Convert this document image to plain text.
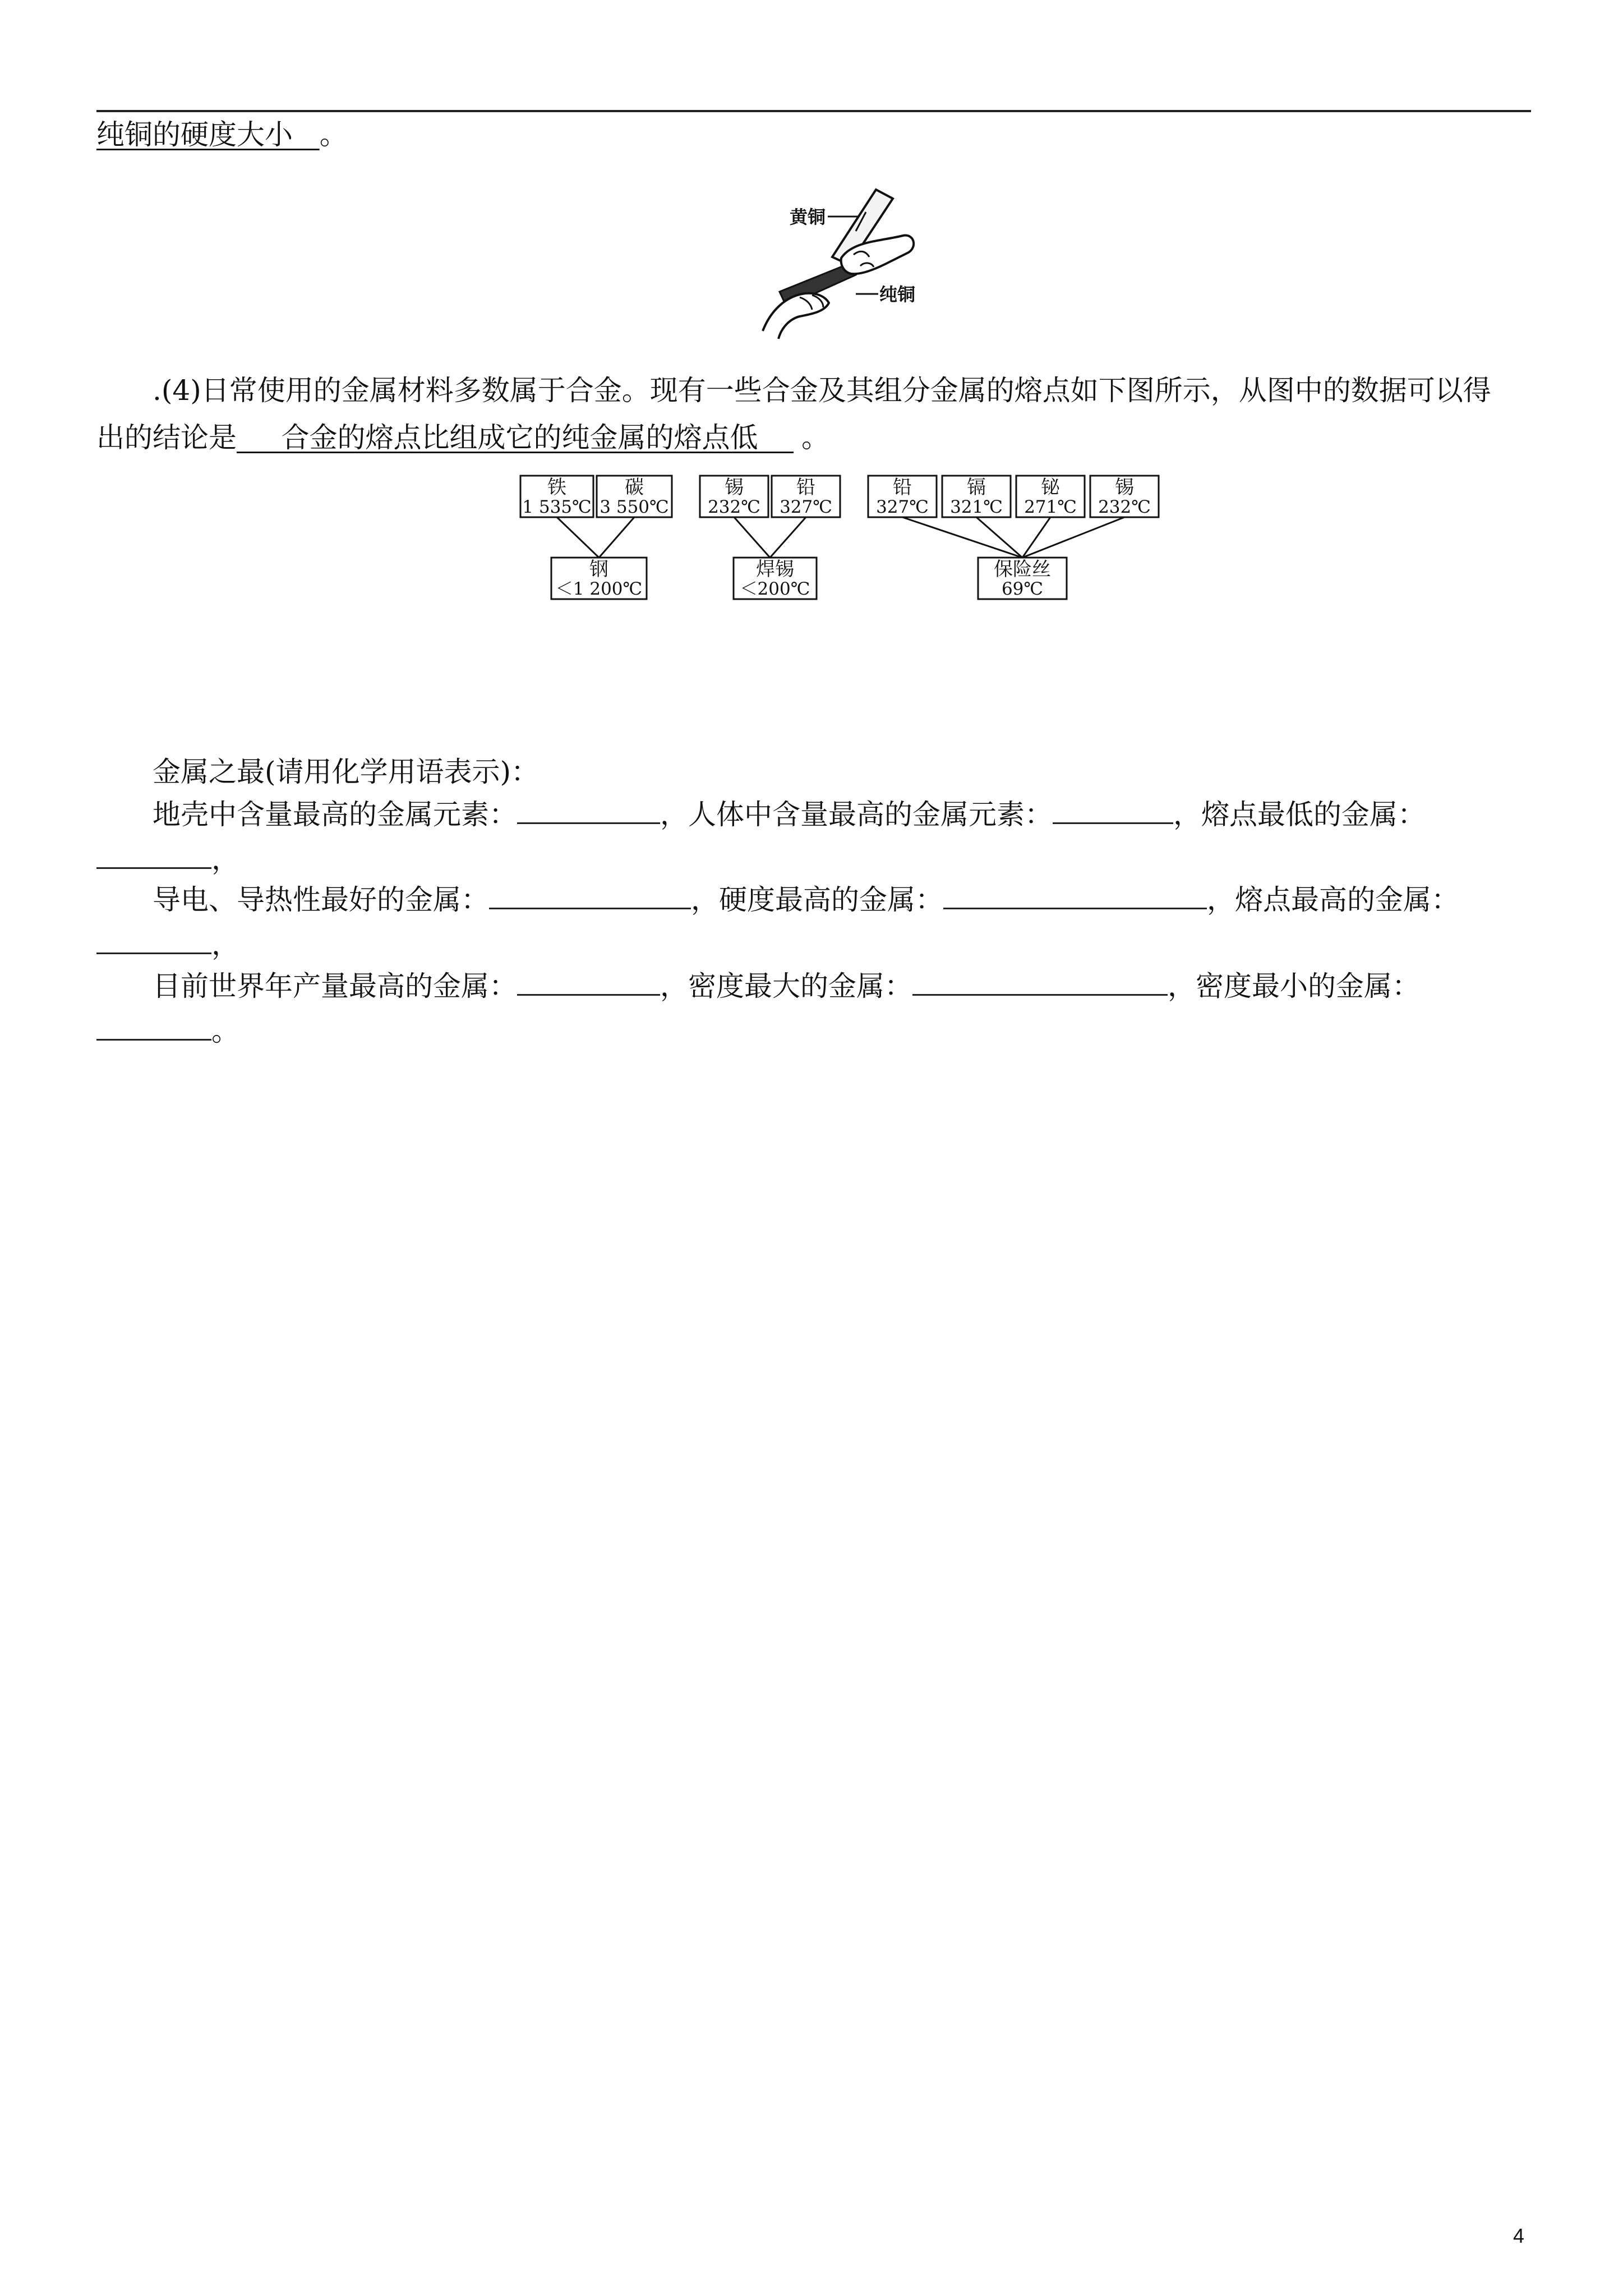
纯铜的硬度大小 。
黄铜
纯铜
.(4)日常使用的金属材料多数属于合金。现有一些合金及其组分金属的熔点如下图所示，从图中的数据可以得
出的结论是 合金的熔点比组成它的纯金属的熔点低 。
铁
1 535℃
碳
3 550℃
钢
＜1 200℃
锡
232℃
铅
327℃
焊锡
＜200℃
铅
327℃
镉
321℃
铋
271℃
锡
232℃
保险丝
69℃
金属之最(请用化学用语表示)：
地壳中含量最高的金属元素：	，人体中含量最高的金属元素：	，熔点最低的金属：
，
导电、导热性最好的金属：	，硬度最高的金属：	，熔点最高的金属：
，
目前世界年产量最高的金属：	，密度最大的金属：	，密度最小的金属：
。
4
